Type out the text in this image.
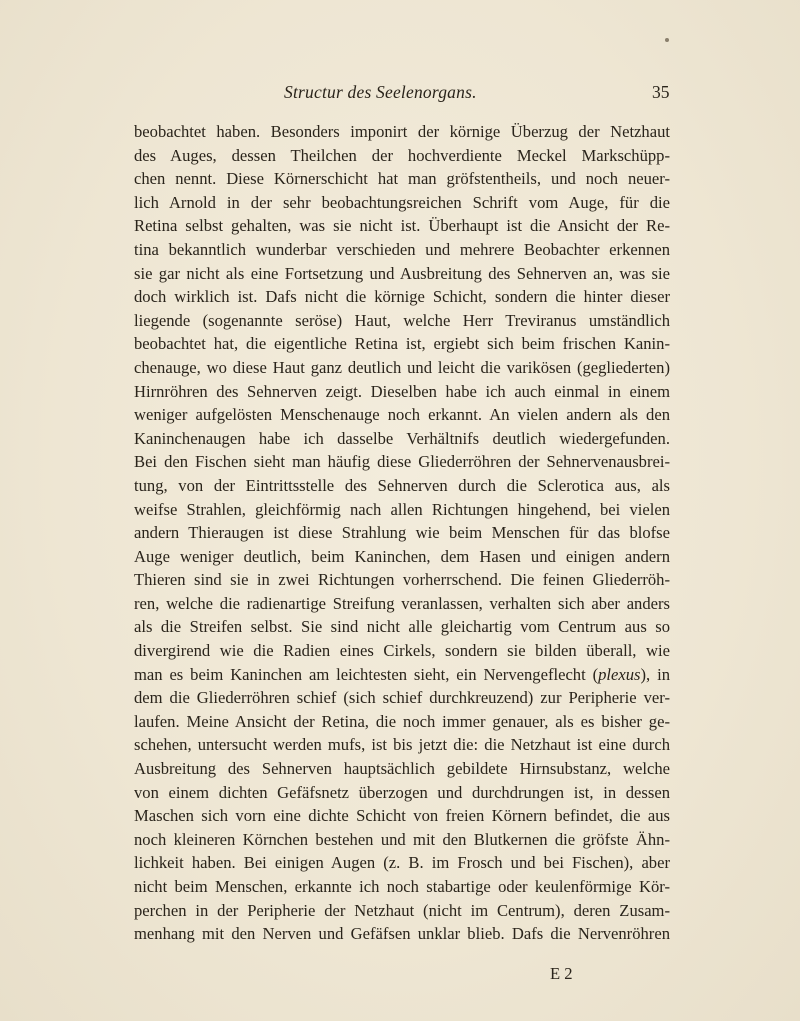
Structur des Seelenorgans.	35
beobachtet haben. Besonders imponirt der körnige Überzug der Netzhaut
des Auges, dessen Theilchen der hochverdiente Meckel Markschüpp-
chen nennt. Diese Körnerschicht hat man gröfstentheils, und noch neuer-
lich Arnold in der sehr beobachtungsreichen Schrift vom Auge, für die
Retina selbst gehalten, was sie nicht ist. Überhaupt ist die Ansicht der Re-
tina bekanntlich wunderbar verschieden und mehrere Beobachter erkennen
sie gar nicht als eine Fortsetzung und Ausbreitung des Sehnerven an, was sie
doch wirklich ist. Dafs nicht die körnige Schicht, sondern die hinter dieser
liegende (sogenannte seröse) Haut, welche Herr Treviranus umständlich
beobachtet hat, die eigentliche Retina ist, ergiebt sich beim frischen Kanin-
chenauge, wo diese Haut ganz deutlich und leicht die varikösen (gegliederten)
Hirnröhren des Sehnerven zeigt. Dieselben habe ich auch einmal in einem
weniger aufgelösten Menschenauge noch erkannt. An vielen andern als den
Kaninchenaugen habe ich dasselbe Verhältnifs deutlich wiedergefunden.
Bei den Fischen sieht man häufig diese Gliederröhren der Sehnervenausbrei-
tung, von der Eintrittsstelle des Sehnerven durch die Sclerotica aus, als
weifse Strahlen, gleichförmig nach allen Richtungen hingehend, bei vielen
andern Thieraugen ist diese Strahlung wie beim Menschen für das blofse
Auge weniger deutlich, beim Kaninchen, dem Hasen und einigen andern
Thieren sind sie in zwei Richtungen vorherrschend. Die feinen Gliederröh-
ren, welche die radienartige Streifung veranlassen, verhalten sich aber anders
als die Streifen selbst. Sie sind nicht alle gleichartig vom Centrum aus so
divergirend wie die Radien eines Cirkels, sondern sie bilden überall, wie
man es beim Kaninchen am leichtesten sieht, ein Nervengeflecht (plexus), in
dem die Gliederröhren schief (sich schief durchkreuzend) zur Peripherie ver-
laufen. Meine Ansicht der Retina, die noch immer genauer, als es bisher ge-
schehen, untersucht werden mufs, ist bis jetzt die: die Netzhaut ist eine durch
Ausbreitung des Sehnerven hauptsächlich gebildete Hirnsubstanz, welche
von einem dichten Gefäfsnetz überzogen und durchdrungen ist, in dessen
Maschen sich vorn eine dichte Schicht von freien Körnern befindet, die aus
noch kleineren Körnchen bestehen und mit den Blutkernen die gröfste Ähn-
lichkeit haben. Bei einigen Augen (z. B. im Frosch und bei Fischen), aber
nicht beim Menschen, erkannte ich noch stabartige oder keulenförmige Kör-
perchen in der Peripherie der Netzhaut (nicht im Centrum), deren Zusam-
menhang mit den Nerven und Gefäfsen unklar blieb. Dafs die Nervenröhren
E 2
